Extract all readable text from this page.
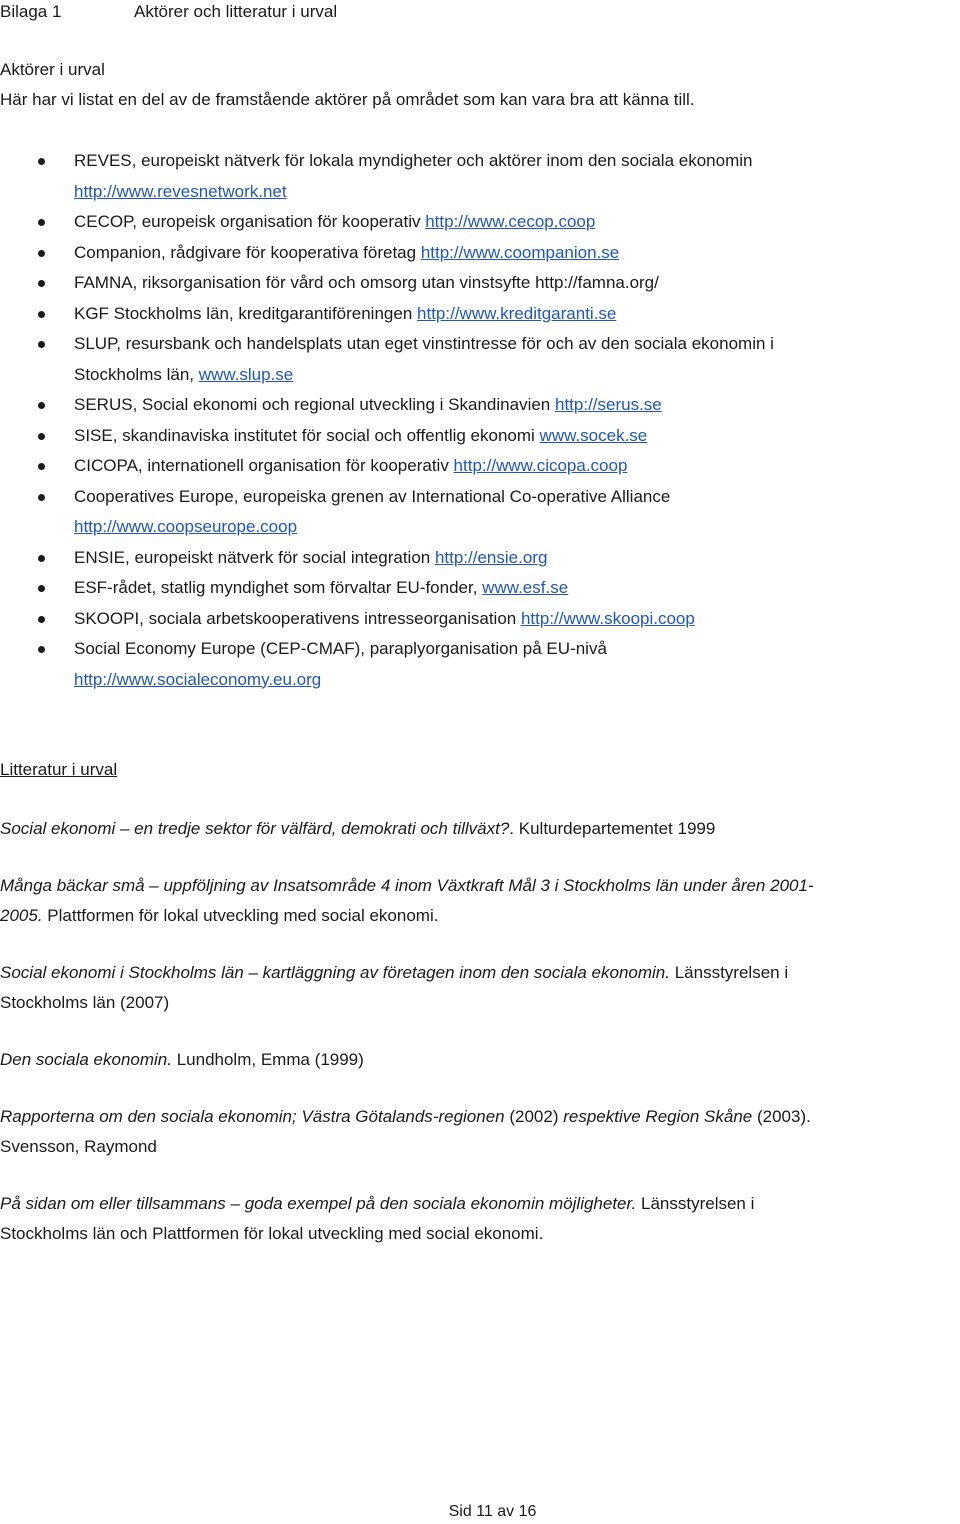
Bilaga 1	Aktörer och litteratur i urval
Aktörer i urval
Här har vi listat en del av de framstående aktörer på området som kan vara bra att känna till.
REVES, europeiskt nätverk för lokala myndigheter och aktörer inom den sociala ekonomin
http://www.revesnetwork.net
CECOP, europeisk organisation för kooperativ http://www.cecop.coop
Companion, rådgivare för kooperativa företag http://www.coompanion.se
FAMNA, riksorganisation för vård och omsorg utan vinstsyfte http://famna.org/
KGF Stockholms län, kreditgarantiföreningen http://www.kreditgaranti.se
SLUP, resursbank och handelsplats utan eget vinstintresse för och av den sociala ekonomin i
Stockholms län, www.slup.se
SERUS, Social ekonomi och regional utveckling i Skandinavien http://serus.se
SISE, skandinaviska institutet för social och offentlig ekonomi www.socek.se
CICOPA, internationell organisation för kooperativ http://www.cicopa.coop
Cooperatives Europe, europeiska grenen av International Co-operative Alliance
http://www.coopseurope.coop
ENSIE, europeiskt nätverk för social integration http://ensie.org
ESF-rådet, statlig myndighet som förvaltar EU-fonder, www.esf.se
SKOOPI, sociala arbetskooperativens intresseorganisation http://www.skoopi.coop
Social Economy Europe (CEP-CMAF), paraplyorganisation på EU-nivå
http://www.socialeconomy.eu.org
Litteratur i urval
Social ekonomi – en tredje sektor för välfärd, demokrati och tillväxt?. Kulturdepartementet 1999
Många bäckar små – uppföljning av Insatsområde 4 inom Växtkraft Mål 3 i Stockholms län under åren 2001-
2005. Plattformen för lokal utveckling med social ekonomi.
Social ekonomi i Stockholms län – kartläggning av företagen inom den sociala ekonomin. Länsstyrelsen i
Stockholms län (2007)
Den sociala ekonomin. Lundholm, Emma (1999)
Rapporterna om den sociala ekonomin; Västra Götalands-regionen (2002) respektive Region Skåne (2003).
Svensson, Raymond
På sidan om eller tillsammans – goda exempel på den sociala ekonomin möjligheter. Länsstyrelsen i
Stockholms län och Plattformen för lokal utveckling med social ekonomi.
Sid 11 av 16
